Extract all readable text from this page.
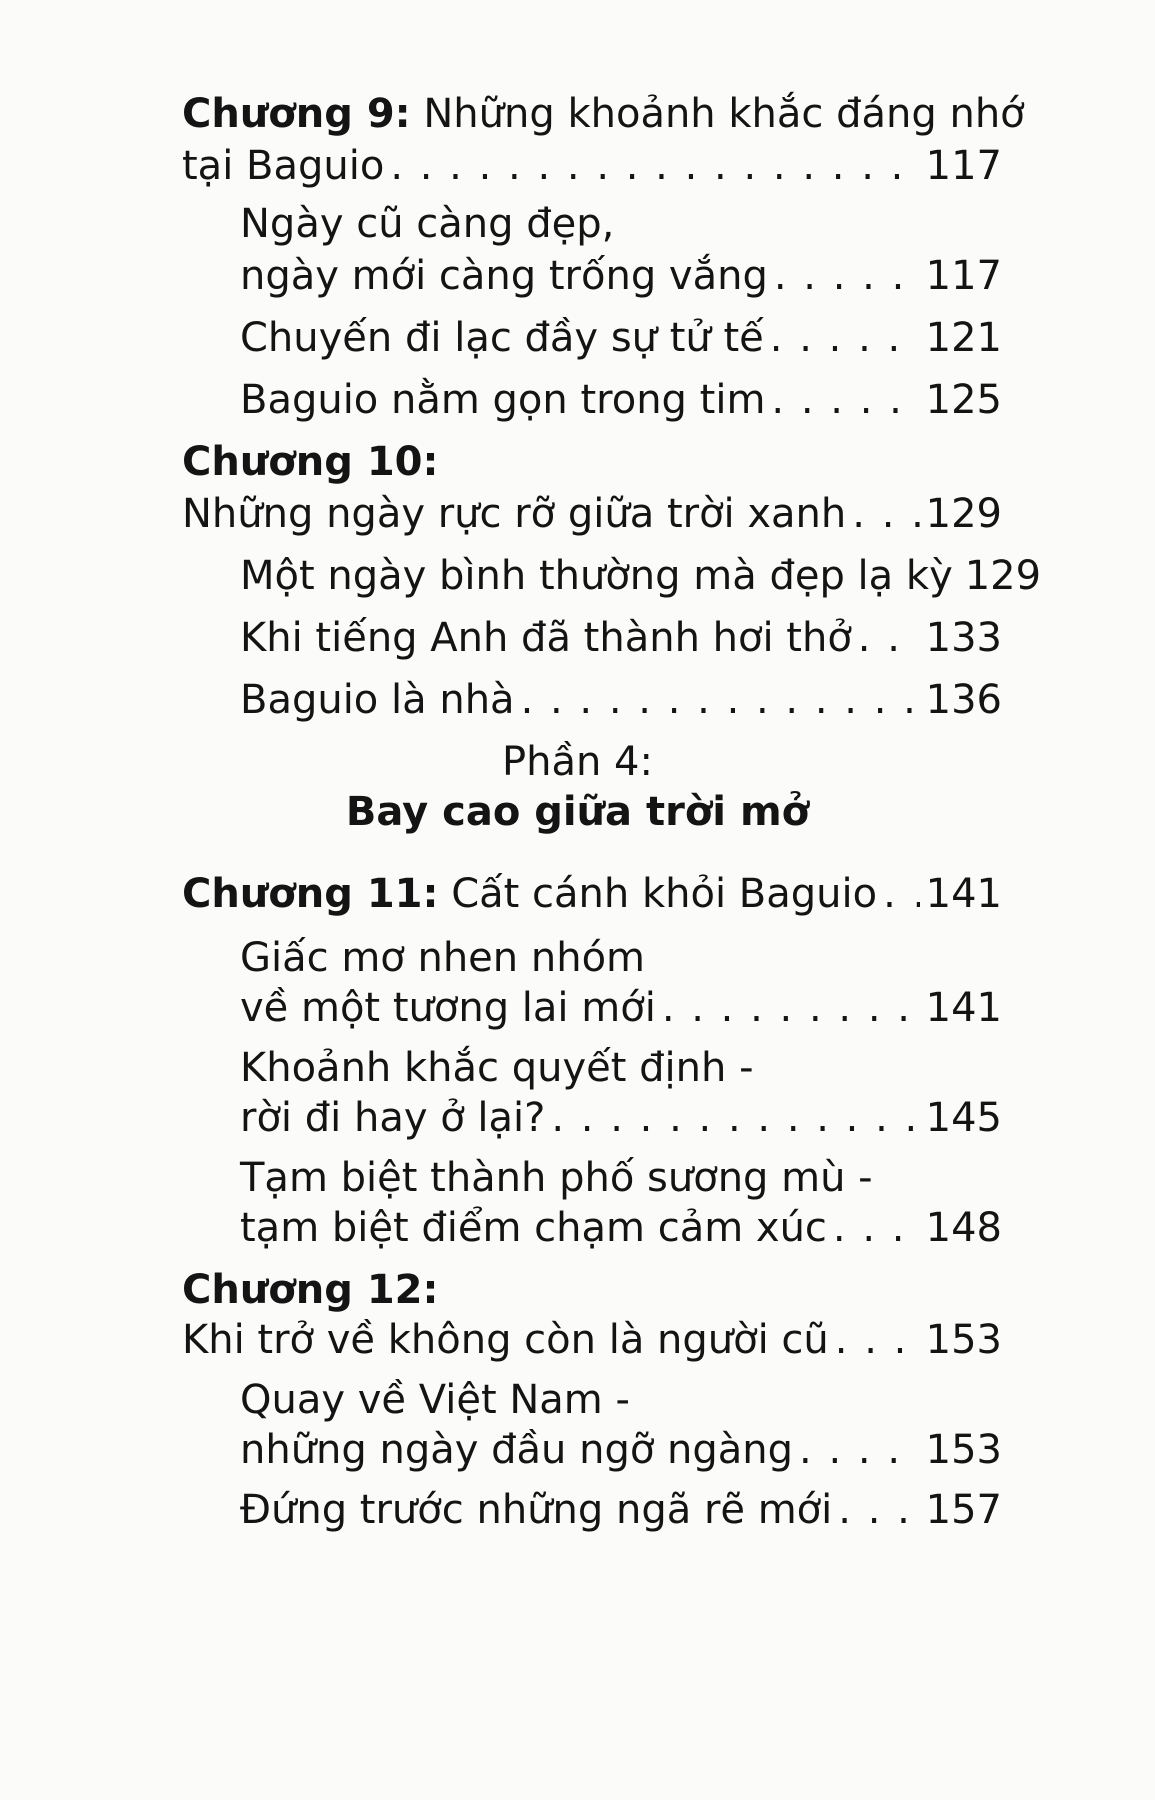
Chương 9: Những khoảnh khắc đáng nhớ
tại Baguio . . .	117
Ngày cũ càng đẹp,
ngày mới càng trống vắng . . .	117
Chuyến đi lạc đầy sự tử tế . . .	121
Baguio nằm gọn trong tim . . .	125
Chương 10:
Những ngày rực rỡ giữa trời xanh . . . 129
Một ngày bình thường mà đẹp lạ kỳ 129
Khi tiếng Anh đã thành hơi thở . . . 133
Baguio là nhà . . .	136
Phần 4:
Bay cao giữa trời mở
Chương 11: Cất cánh khỏi Baguio . . . 141
Giấc mơ nhen nhóm
về một tương lai mới . . .	141
Khoảnh khắc quyết định -
rời đi hay ở lại? . . .	145
Tạm biệt thành phố sương mù -
tạm biệt điểm chạm cảm xúc . . . 148
Chương 12:
Khi trở về không còn là người cũ . . . 153
Quay về Việt Nam -
những ngày đầu ngỡ ngàng . . .	153
Đứng trước những ngã rẽ mới . . . 157
